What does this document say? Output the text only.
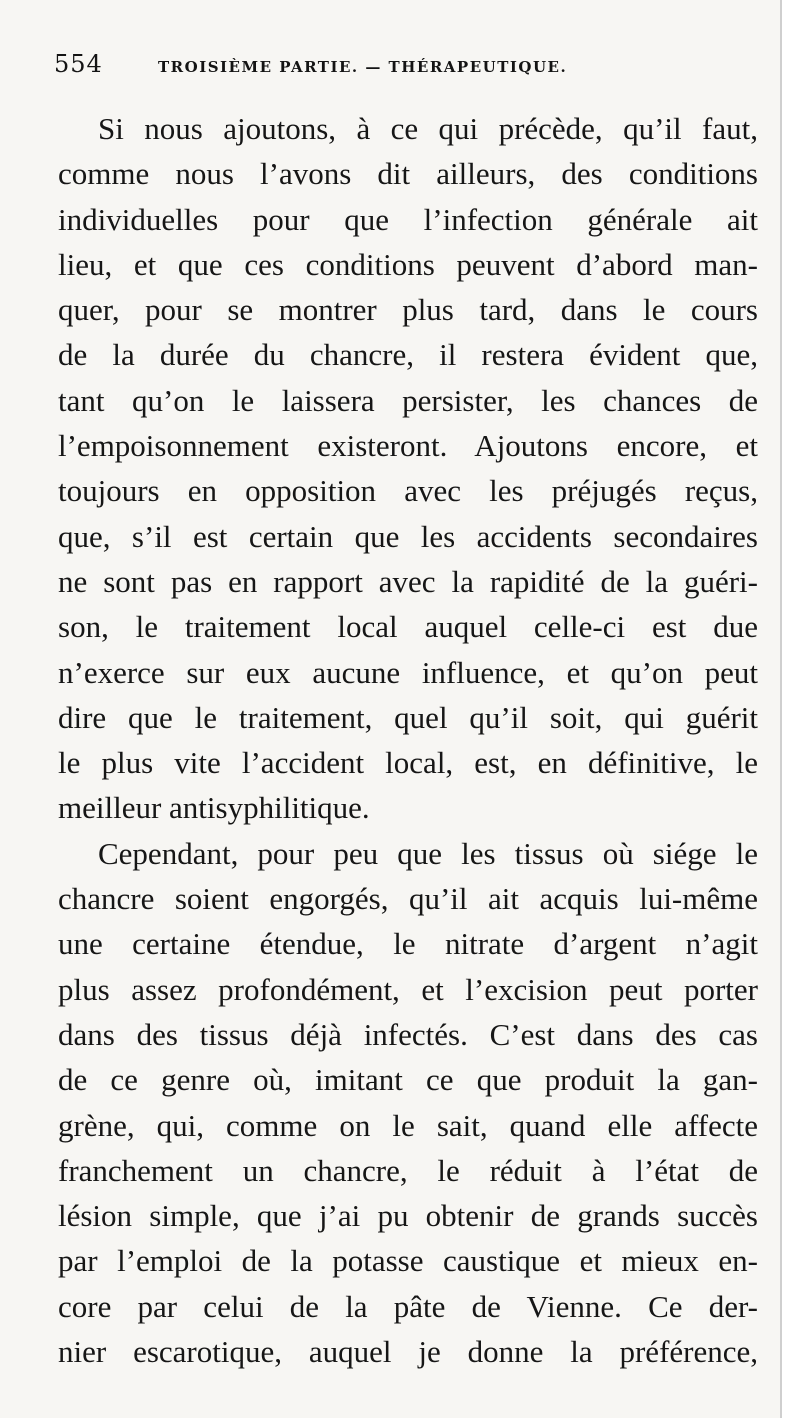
554	TROISIÈME PARTIE. — THÉRAPEUTIQUE.
Si nous ajoutons, à ce qui précède, qu’il faut,
comme nous l’avons dit ailleurs, des conditions
individuelles pour que l’infection générale ait
lieu, et que ces conditions peuvent d’abord man-
quer, pour se montrer plus tard, dans le cours
de la durée du chancre, il restera évident que,
tant qu’on le laissera persister, les chances de
l’empoisonnement existeront. Ajoutons encore, et
toujours en opposition avec les préjugés reçus,
que, s’il est certain que les accidents secondaires
ne sont pas en rapport avec la rapidité de la guéri-
son, le traitement local auquel celle-ci est due
n’exerce sur eux aucune influence, et qu’on peut
dire que le traitement, quel qu’il soit, qui guérit
le plus vite l’accident local, est, en définitive, le
meilleur antisyphilitique.
Cependant, pour peu que les tissus où siége le
chancre soient engorgés, qu’il ait acquis lui-même
une certaine étendue, le nitrate d’argent n’agit
plus assez profondément, et l’excision peut porter
dans des tissus déjà infectés. C’est dans des cas
de ce genre où, imitant ce que produit la gan-
grène, qui, comme on le sait, quand elle affecte
franchement un chancre, le réduit à l’état de
lésion simple, que j’ai pu obtenir de grands succès
par l’emploi de la potasse caustique et mieux en-
core par celui de la pâte de Vienne. Ce der-
nier escarotique, auquel je donne la préférence,
